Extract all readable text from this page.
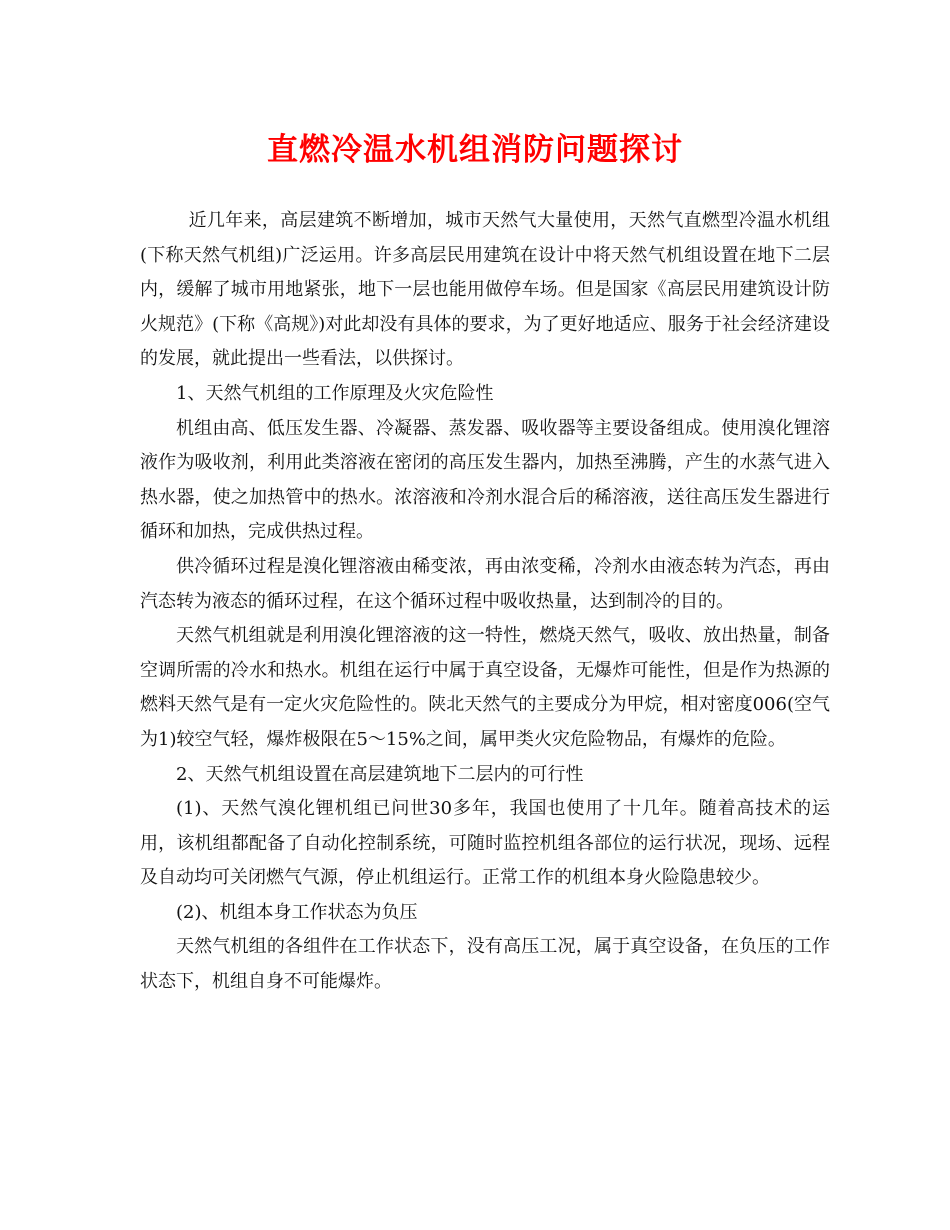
直燃冷温水机组消防问题探讨

近几年来，高层建筑不断增加，城市天然气大量使用，天然气直燃型冷温水机组(下称天然气机组)广泛运用。许多高层民用建筑在设计中将天然气机组设置在地下二层内，缓解了城市用地紧张，地下一层也能用做停车场。但是国家《高层民用建筑设计防火规范》(下称《高规》)对此却没有具体的要求，为了更好地适应、服务于社会经济建设的发展，就此提出一些看法，以供探讨。

1、天然气机组的工作原理及火灾危险性

机组由高、低压发生器、冷凝器、蒸发器、吸收器等主要设备组成。使用溴化锂溶液作为吸收剂，利用此类溶液在密闭的高压发生器内，加热至沸腾，产生的水蒸气进入热水器，使之加热管中的热水。浓溶液和冷剂水混合后的稀溶液，送往高压发生器进行循环和加热，完成供热过程。

供冷循环过程是溴化锂溶液由稀变浓，再由浓变稀，冷剂水由液态转为汽态，再由汽态转为液态的循环过程，在这个循环过程中吸收热量，达到制冷的目的。

天然气机组就是利用溴化锂溶液的这一特性，燃烧天然气，吸收、放出热量，制备空调所需的冷水和热水。机组在运行中属于真空设备，无爆炸可能性，但是作为热源的燃料天然气是有一定火灾危险性的。陕北天然气的主要成分为甲烷，相对密度006(空气为1)较空气轻，爆炸极限在5～15%之间，属甲类火灾危险物品，有爆炸的危险。

2、天然气机组设置在高层建筑地下二层内的可行性

(1)、天然气溴化锂机组已问世30多年，我国也使用了十几年。随着高技术的运用，该机组都配备了自动化控制系统，可随时监控机组各部位的运行状况，现场、远程及自动均可关闭燃气气源，停止机组运行。正常工作的机组本身火险隐患较少。

(2)、机组本身工作状态为负压

天然气机组的各组件在工作状态下，没有高压工况，属于真空设备，在负压的工作状态下，机组自身不可能爆炸。
